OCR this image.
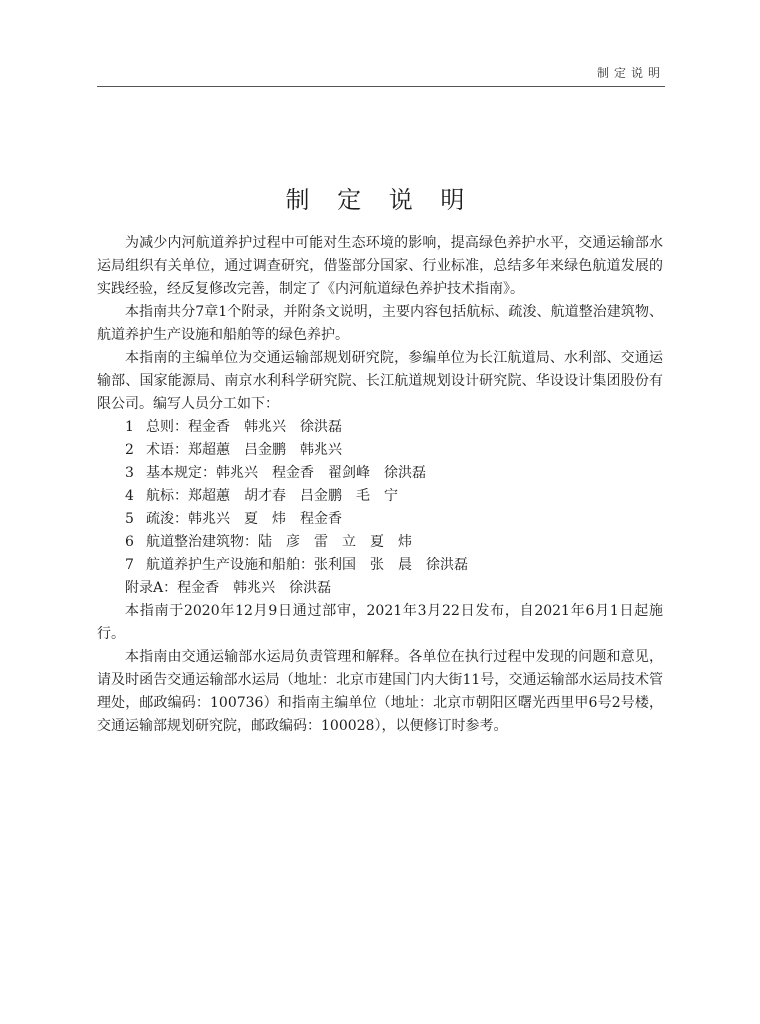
制定说明
制 定 说 明

为减少内河航道养护过程中可能对生态环境的影响，提高绿色养护水平，交通运输部水运局组织有关单位，通过调查研究，借鉴部分国家、行业标准，总结多年来绿色航道发展的实践经验，经反复修改完善，制定了《内河航道绿色养护技术指南》。

本指南共分7章1个附录，并附条文说明，主要内容包括航标、疏浚、航道整治建筑物、航道养护生产设施和船舶等的绿色养护。

本指南的主编单位为交通运输部规划研究院，参编单位为长江航道局、水利部、交通运输部、国家能源局、南京水利科学研究院、长江航道规划设计研究院、华设设计集团股份有限公司。编写人员分工如下：

1 总则：程金香　韩兆兴　徐洪磊

2 术语：郑超蕙　吕金鹏　韩兆兴

3 基本规定：韩兆兴　程金香　翟剑峰　徐洪磊

4 航标：郑超蕙　胡才春　吕金鹏　毛　宁

5 疏浚：韩兆兴　夏　炜　程金香

6 航道整治建筑物：陆　彦　雷　立　夏　炜

7 航道养护生产设施和船舶：张利国　张　晨　徐洪磊

附录A：程金香　韩兆兴　徐洪磊

本指南于2020年12月9日通过部审，2021年3月22日发布，自2021年6月1日起施行。

本指南由交通运输部水运局负责管理和解释。各单位在执行过程中发现的问题和意见，请及时函告交通运输部水运局（地址：北京市建国门内大街11号，交通运输部水运局技术管理处，邮政编码：100736）和指南主编单位（地址：北京市朝阳区曙光西里甲6号2号楼，交通运输部规划研究院，邮政编码：100028），以便修订时参考。
